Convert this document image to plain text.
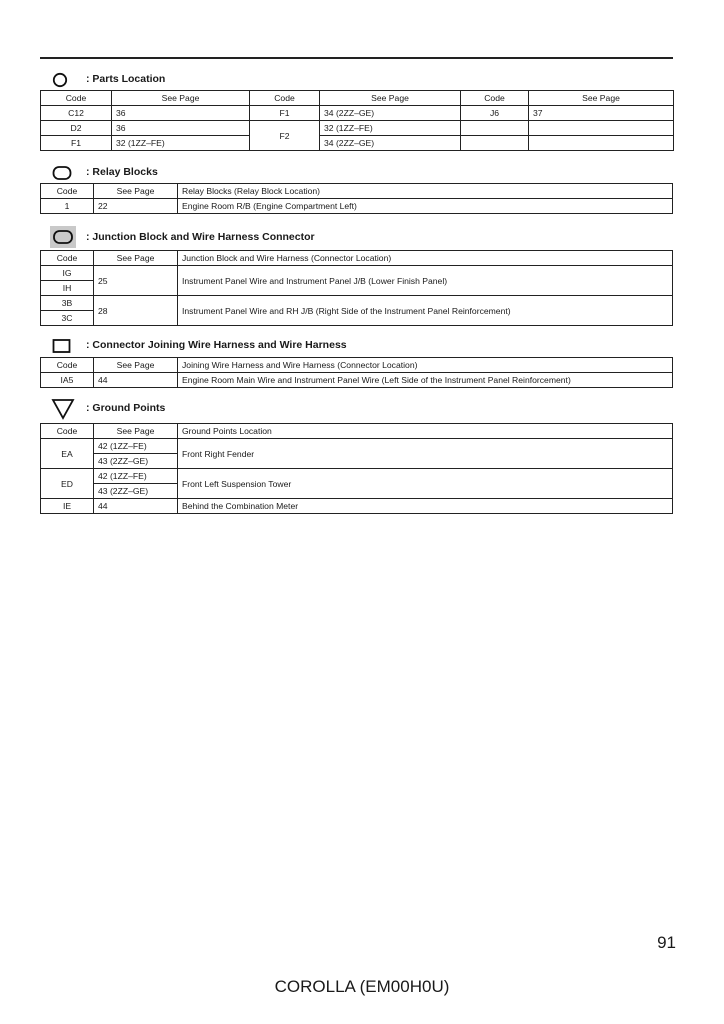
: Parts Location
Code	See Page	Code	See Page	Code	See Page
C12	36	F1	34 (2ZZ–GE)	J6	37
D2	36	F2	32 (1ZZ–FE)		
F1	32 (1ZZ–FE)		34 (2ZZ–GE)		
: Relay Blocks
Code	See Page	Relay Blocks (Relay Block Location)
1	22	Engine Room R/B (Engine Compartment Left)
: Junction Block and Wire Harness Connector
Code	See Page	Junction Block and Wire Harness (Connector Location)
IG	25	Instrument Panel Wire and Instrument Panel J/B (Lower Finish Panel)
IH		
3B	28	Instrument Panel Wire and RH J/B (Right Side of the Instrument Panel Reinforcement)
3C		
: Connector Joining Wire Harness and Wire Harness
Code	See Page	Joining Wire Harness and Wire Harness (Connector Location)
IA5	44	Engine Room Main Wire and Instrument Panel Wire (Left Side of the Instrument Panel Reinforcement)
: Ground Points
Code	See Page	Ground Points Location
EA	42 (1ZZ–FE)	Front Right Fender
	43 (2ZZ–GE)	
ED	42 (1ZZ–FE)	Front Left Suspension Tower
	43 (2ZZ–GE)	
IE	44	Behind the Combination Meter
91
COROLLA (EM00H0U)
